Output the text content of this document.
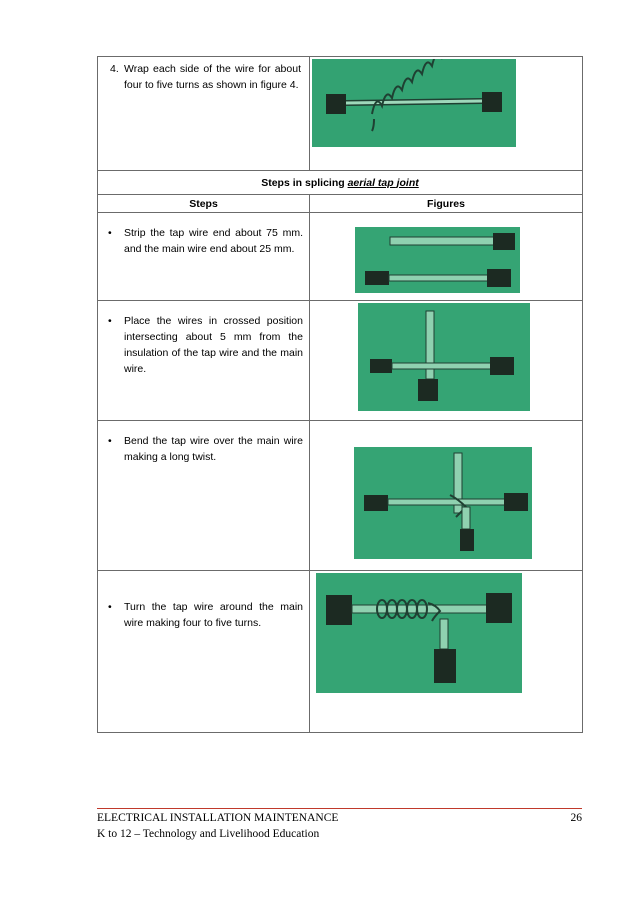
4. Wrap each side of the wire for about four to five turns as shown in figure 4.

Steps in splicing aerial tap joint	
Steps	Figures

• Strip the tap wire end about 75 mm. and the main wire end about 25 mm.

• Place the wires in crossed position intersecting about 5 mm from the insulation of the tap wire and the main wire.

• Bend the tap wire over the main wire making a long twist.

• Turn the tap wire around the main wire making four to five turns.

ELECTRICAL INSTALLATION MAINTENANCE	26
K to 12 – Technology and Livelihood Education
